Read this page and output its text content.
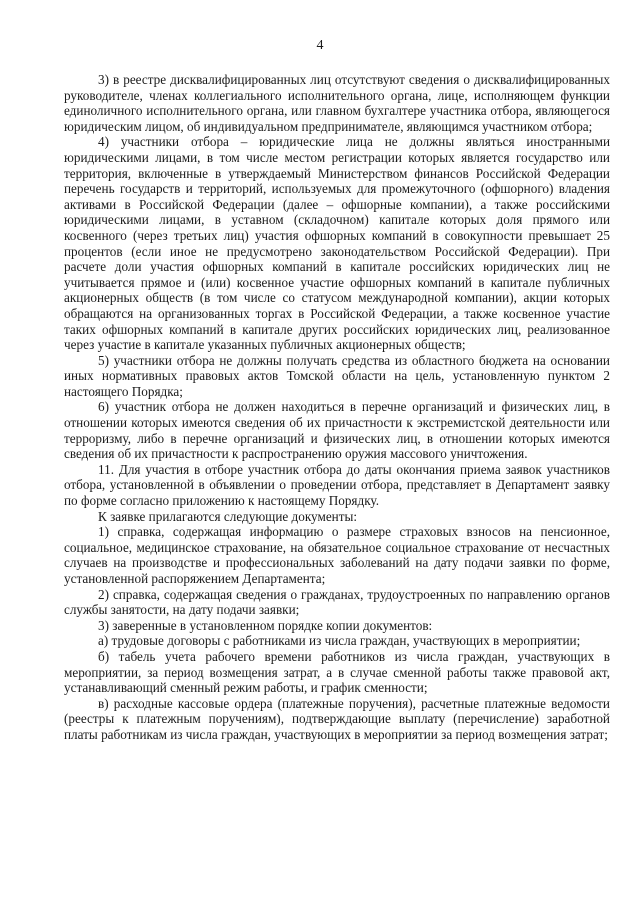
4

3) в реестре дисквалифицированных лиц отсутствуют сведения о дисквалифицированных руководителе, членах коллегиального исполнительного органа, лице, исполняющем функции единоличного исполнительного органа, или главном бухгалтере участника отбора, являющегося юридическим лицом, об индивидуальном предпринимателе, являющимся участником отбора;

4) участники отбора – юридические лица не должны являться иностранными юридическими лицами, в том числе местом регистрации которых является государство или территория, включенные в утверждаемый Министерством финансов Российской Федерации перечень государств и территорий, используемых для промежуточного (офшорного) владения активами в Российской Федерации (далее – офшорные компании), а также российскими юридическими лицами, в уставном (складочном) капитале которых доля прямого или косвенного (через третьих лиц) участия офшорных компаний в совокупности превышает 25 процентов (если иное не предусмотрено законодательством Российской Федерации). При расчете доли участия офшорных компаний в капитале российских юридических лиц не учитывается прямое и (или) косвенное участие офшорных компаний в капитале публичных акционерных обществ (в том числе со статусом международной компании), акции которых обращаются на организованных торгах в Российской Федерации, а также косвенное участие таких офшорных компаний в капитале других российских юридических лиц, реализованное через участие в капитале указанных публичных акционерных обществ;

5) участники отбора не должны получать средства из областного бюджета на основании иных нормативных правовых актов Томской области на цель, установленную пунктом 2 настоящего Порядка;

6) участник отбора не должен находиться в перечне организаций и физических лиц, в отношении которых имеются сведения об их причастности к экстремистской деятельности или терроризму, либо в перечне организаций и физических лиц, в отношении которых имеются сведения об их причастности к распространению оружия массового уничтожения.

11. Для участия в отборе участник отбора до даты окончания приема заявок участников отбора, установленной в объявлении о проведении отбора, представляет в Департамент заявку по форме согласно приложению к настоящему Порядку.

К заявке прилагаются следующие документы:

1) справка, содержащая информацию о размере страховых взносов на пенсионное, социальное, медицинское страхование, на обязательное социальное страхование от несчастных случаев на производстве и профессиональных заболеваний на дату подачи заявки по форме, установленной распоряжением Департамента;

2) справка, содержащая сведения о гражданах, трудоустроенных по направлению органов службы занятости, на дату подачи заявки;

3) заверенные в установленном порядке копии документов:

а) трудовые договоры с работниками из числа граждан, участвующих в мероприятии;

б) табель учета рабочего времени работников из числа граждан, участвующих в мероприятии, за период возмещения затрат, а в случае сменной работы также правовой акт, устанавливающий сменный режим работы, и график сменности;

в) расходные кассовые ордера (платежные поручения), расчетные платежные ведомости (реестры к платежным поручениям), подтверждающие выплату (перечисление) заработной платы работникам из числа граждан, участвующих в мероприятии за период возмещения затрат;
